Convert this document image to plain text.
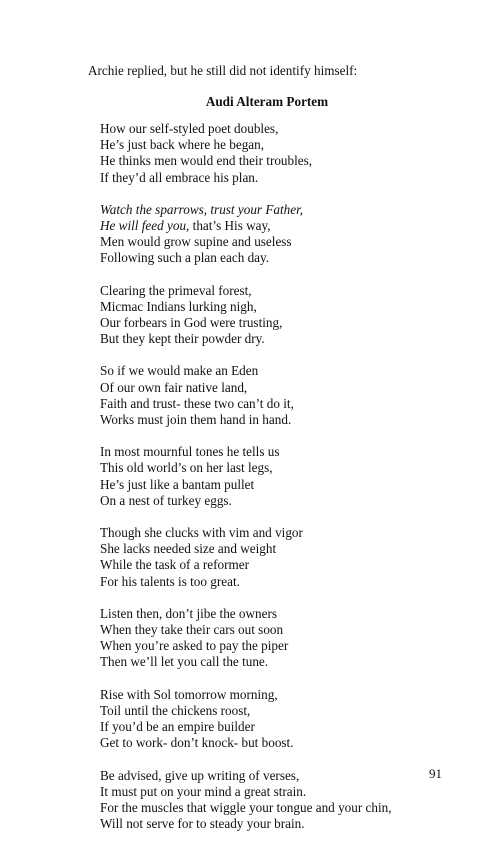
Archie replied, but he still did not identify himself:
Audi Alteram Portem
How our self-styled poet doubles,
He’s just back where he began,
He thinks men would end their troubles,
If they’d all embrace his plan.
Watch the sparrows, trust your Father,
He will feed you, that’s His way,
Men would grow supine and useless
Following such a plan each day.
Clearing the primeval forest,
Micmac Indians lurking nigh,
Our forbears in God were trusting,
But they kept their powder dry.
So if we would make an Eden
Of our own fair native land,
Faith and trust- these two can’t do it,
Works must join them hand in hand.
In most mournful tones he tells us
This old world’s on her last legs,
He’s just like a bantam pullet
On a nest of turkey eggs.
Though she clucks with vim and vigor
She lacks needed size and weight
While the task of a reformer
For his talents is too great.
Listen then, don’t jibe the owners
When they take their cars out soon
When you’re asked to pay the piper
Then we’ll let you call the tune.
Rise with Sol tomorrow morning,
Toil until the chickens roost,
If you’d be an empire builder
Get to work- don’t knock- but boost.
Be advised, give up writing of verses,
It must put on your mind a great strain.
For the muscles that wiggle your tongue and your chin,
Will not serve for to steady your brain.
91
